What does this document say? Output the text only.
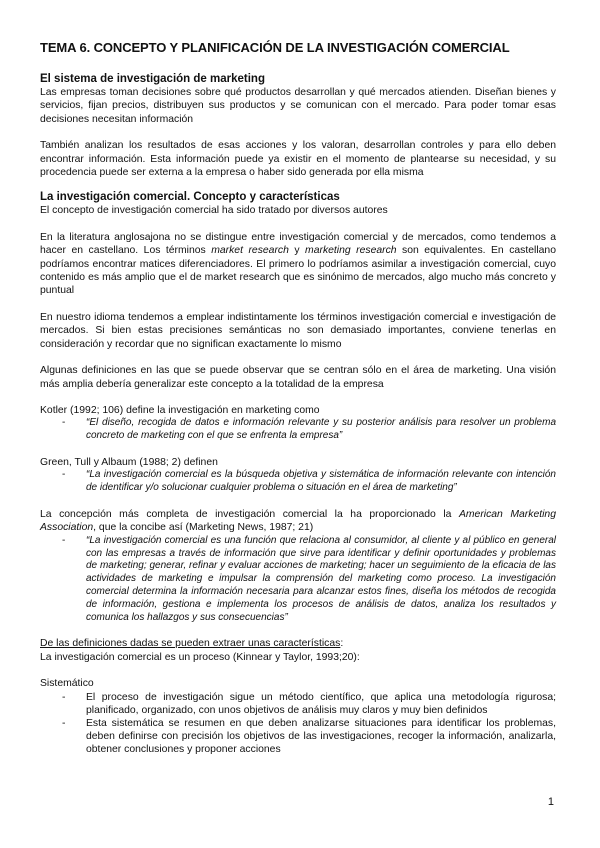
TEMA 6. CONCEPTO Y PLANIFICACIÓN DE LA INVESTIGACIÓN COMERCIAL
El sistema de investigación de marketing

Las empresas toman decisiones sobre qué productos desarrollan y qué mercados atienden. Diseñan bienes y servicios, fijan precios, distribuyen sus productos y se comunican con el mercado. Para poder tomar esas decisiones necesitan información

También analizan los resultados de esas acciones y los valoran, desarrollan controles y para ello deben encontrar información. Esta información puede ya existir en el momento de plantearse su necesidad, y su procedencia puede ser externa a la empresa o haber sido generada por ella misma

La investigación comercial. Concepto y características

El concepto de investigación comercial ha sido tratado por diversos autores

En la literatura anglosajona no se distingue entre investigación comercial y de mercados, como tendemos a hacer en castellano. Los términos market research y marketing research son equivalentes. En castellano podríamos encontrar matices diferenciadores. El primero lo podríamos asimilar a investigación comercial, cuyo contenido es más amplio que el de market research que es sinónimo de mercados, algo mucho más concreto y puntual

En nuestro idioma tendemos a emplear indistintamente los términos investigación comercial e investigación de mercados. Si bien estas precisiones semánticas no son demasiado importantes, conviene tenerlas en consideración y recordar que no significan exactamente lo mismo

Algunas definiciones en las que se puede observar que se centran sólo en el área de marketing. Una visión más amplia debería generalizar este concepto a la totalidad de la empresa

Kotler (1992; 106) define la investigación en marketing como
- “El diseño, recogida de datos e información relevante y su posterior análisis para resolver un problema concreto de marketing con el que se enfrenta la empresa”
Green, Tull y Albaum (1988; 2) definen
- “La investigación comercial es la búsqueda objetiva y sistemática de información relevante con intención de identificar y/o solucionar cualquier problema o situación en el área de marketing”

La concepción más completa de investigación comercial la ha proporcionado la American Marketing Association, que la concibe así (Marketing News, 1987; 21)

- “La investigación comercial es una función que relaciona al consumidor, al cliente y al público en general con las empresas a través de información que sirve para identificar y definir oportunidades y problemas de marketing; generar, refinar y evaluar acciones de marketing; hacer un seguimiento de la eficacia de las actividades de marketing e impulsar la comprensión del marketing como proceso. La investigación comercial determina la información necesaria para alcanzar estos fines, diseña los métodos de recogida de información, gestiona e implementa los procesos de análisis de datos, analiza los resultados y comunica los hallazgos y sus consecuencias”
De las definiciones dadas se pueden extraer unas características:
La investigación comercial es un proceso (Kinnear y Taylor, 1993;20):
Sistemático
- El proceso de investigación sigue un método científico, que aplica una metodología rigurosa; planificado, organizado, con unos objetivos de análisis muy claros y muy bien definidos
- Esta sistemática se resumen en que deben analizarse situaciones para identificar los problemas, deben definirse con precisión los objetivos de las investigaciones, recoger la información, analizarla, obtener conclusiones y proponer acciones
1
